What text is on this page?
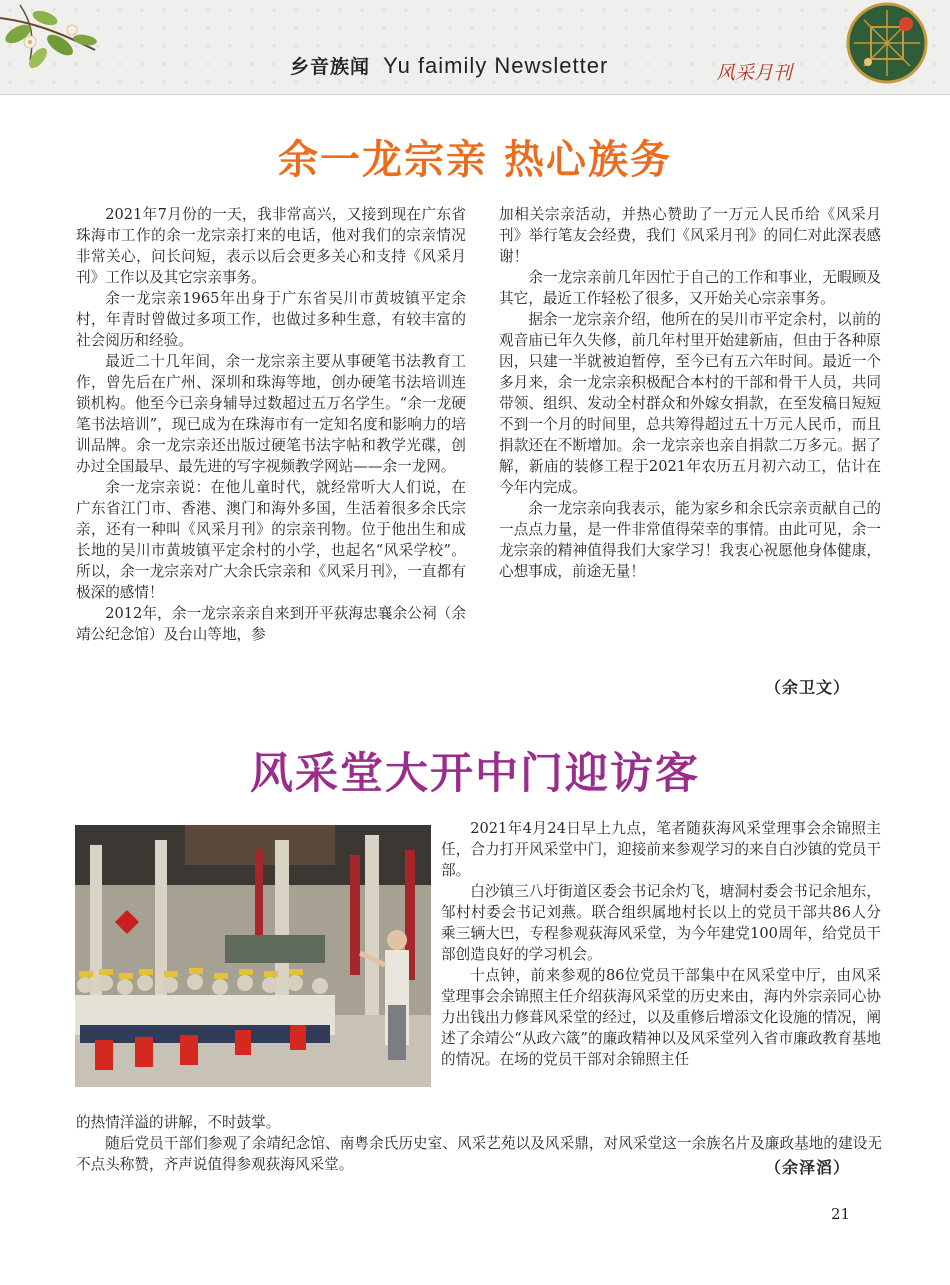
乡音族闻 Yu faimily Newsletter	风采月刊
余一龙宗亲 热心族务

2021年7月份的一天，我非常高兴，又接到现在广东省珠海市工作的余一龙宗亲打来的电话，他对我们的宗亲情况非常关心，问长问短，表示以后会更多关心和支持《风采月刊》工作以及其它宗亲事务。

余一龙宗亲1965年出身于广东省吴川市黄坡镇平定余村，年青时曾做过多项工作，也做过多种生意，有较丰富的社会阅历和经验。

最近二十几年间，余一龙宗亲主要从事硬笔书法教育工作，曾先后在广州、深圳和珠海等地，创办硬笔书法培训连锁机构。他至今已亲身辅导过数超过五万名学生。“余一龙硬笔书法培训”，现已成为在珠海市有一定知名度和影响力的培训品牌。余一龙宗亲还出版过硬笔书法字帖和教学光碟，创办过全国最早、最先进的写字视频教学网站——余一龙网。

余一龙宗亲说：在他儿童时代，就经常听大人们说，在广东省江门市、香港、澳门和海外多国，生活着很多余氏宗亲，还有一种叫《风采月刊》的宗亲刊物。位于他出生和成长地的吴川市黄坡镇平定余村的小学，也起名“风采学校”。所以，余一龙宗亲对广大余氏宗亲和《风采月刊》，一直都有极深的感情！

2012年，余一龙宗亲亲自来到开平荻海忠襄余公祠（余靖公纪念馆）及台山等地，参

加相关宗亲活动，并热心赞助了一万元人民币给《风采月刊》举行笔友会经费，我们《风采月刊》的同仁对此深表感谢！

余一龙宗亲前几年因忙于自己的工作和事业，无暇顾及其它，最近工作轻松了很多，又开始关心宗亲事务。

据余一龙宗亲介绍，他所在的吴川市平定余村，以前的观音庙已年久失修，前几年村里开始建新庙，但由于各种原因，只建一半就被迫暂停，至今已有五六年时间。最近一个多月来，余一龙宗亲积极配合本村的干部和骨干人员，共同带领、组织、发动全村群众和外嫁女捐款，在至发稿日短短不到一个月的时间里，总共筹得超过五十万元人民币，而且捐款还在不断增加。余一龙宗亲也亲自捐款二万多元。据了解，新庙的装修工程于2021年农历五月初六动工，估计在今年内完成。

余一龙宗亲向我表示，能为家乡和余氏宗亲贡献自己的一点点力量，是一件非常值得荣幸的事情。由此可见，余一龙宗亲的精神值得我们大家学习！我衷心祝愿他身体健康，心想事成，前途无量！

（余卫文）
风采堂大开中门迎访客

2021年4月24日早上九点，笔者随荻海风采堂理事会余锦照主任，合力打开风采堂中门，迎接前来参观学习的来自白沙镇的党员干部。

白沙镇三八圩街道区委会书记余灼飞，塘洞村委会书记余旭东，邹村村委会书记刘燕。联合组织属地村长以上的党员干部共86人分乘三辆大巴，专程参观荻海风采堂，为今年建党100周年，给党员干部创造良好的学习机会。

十点钟，前来参观的86位党员干部集中在风采堂中厅，由风采堂理事会余锦照主任介绍荻海风采堂的历史来由，海内外宗亲同心协力出钱出力修葺风采堂的经过，以及重修后增添文化设施的情况，阐述了余靖公“从政六箴”的廉政精神以及风采堂列入省市廉政教育基地的情况。在场的党员干部对余锦照主任

的热情洋溢的讲解，不时鼓掌。

随后党员干部们参观了余靖纪念馆、南粤余氏历史室、风采艺苑以及风采鼎，对风采堂这一余族名片及廉政基地的建设无不点头称赞，齐声说值得参观荻海风采堂。	（余泽滔）
21
